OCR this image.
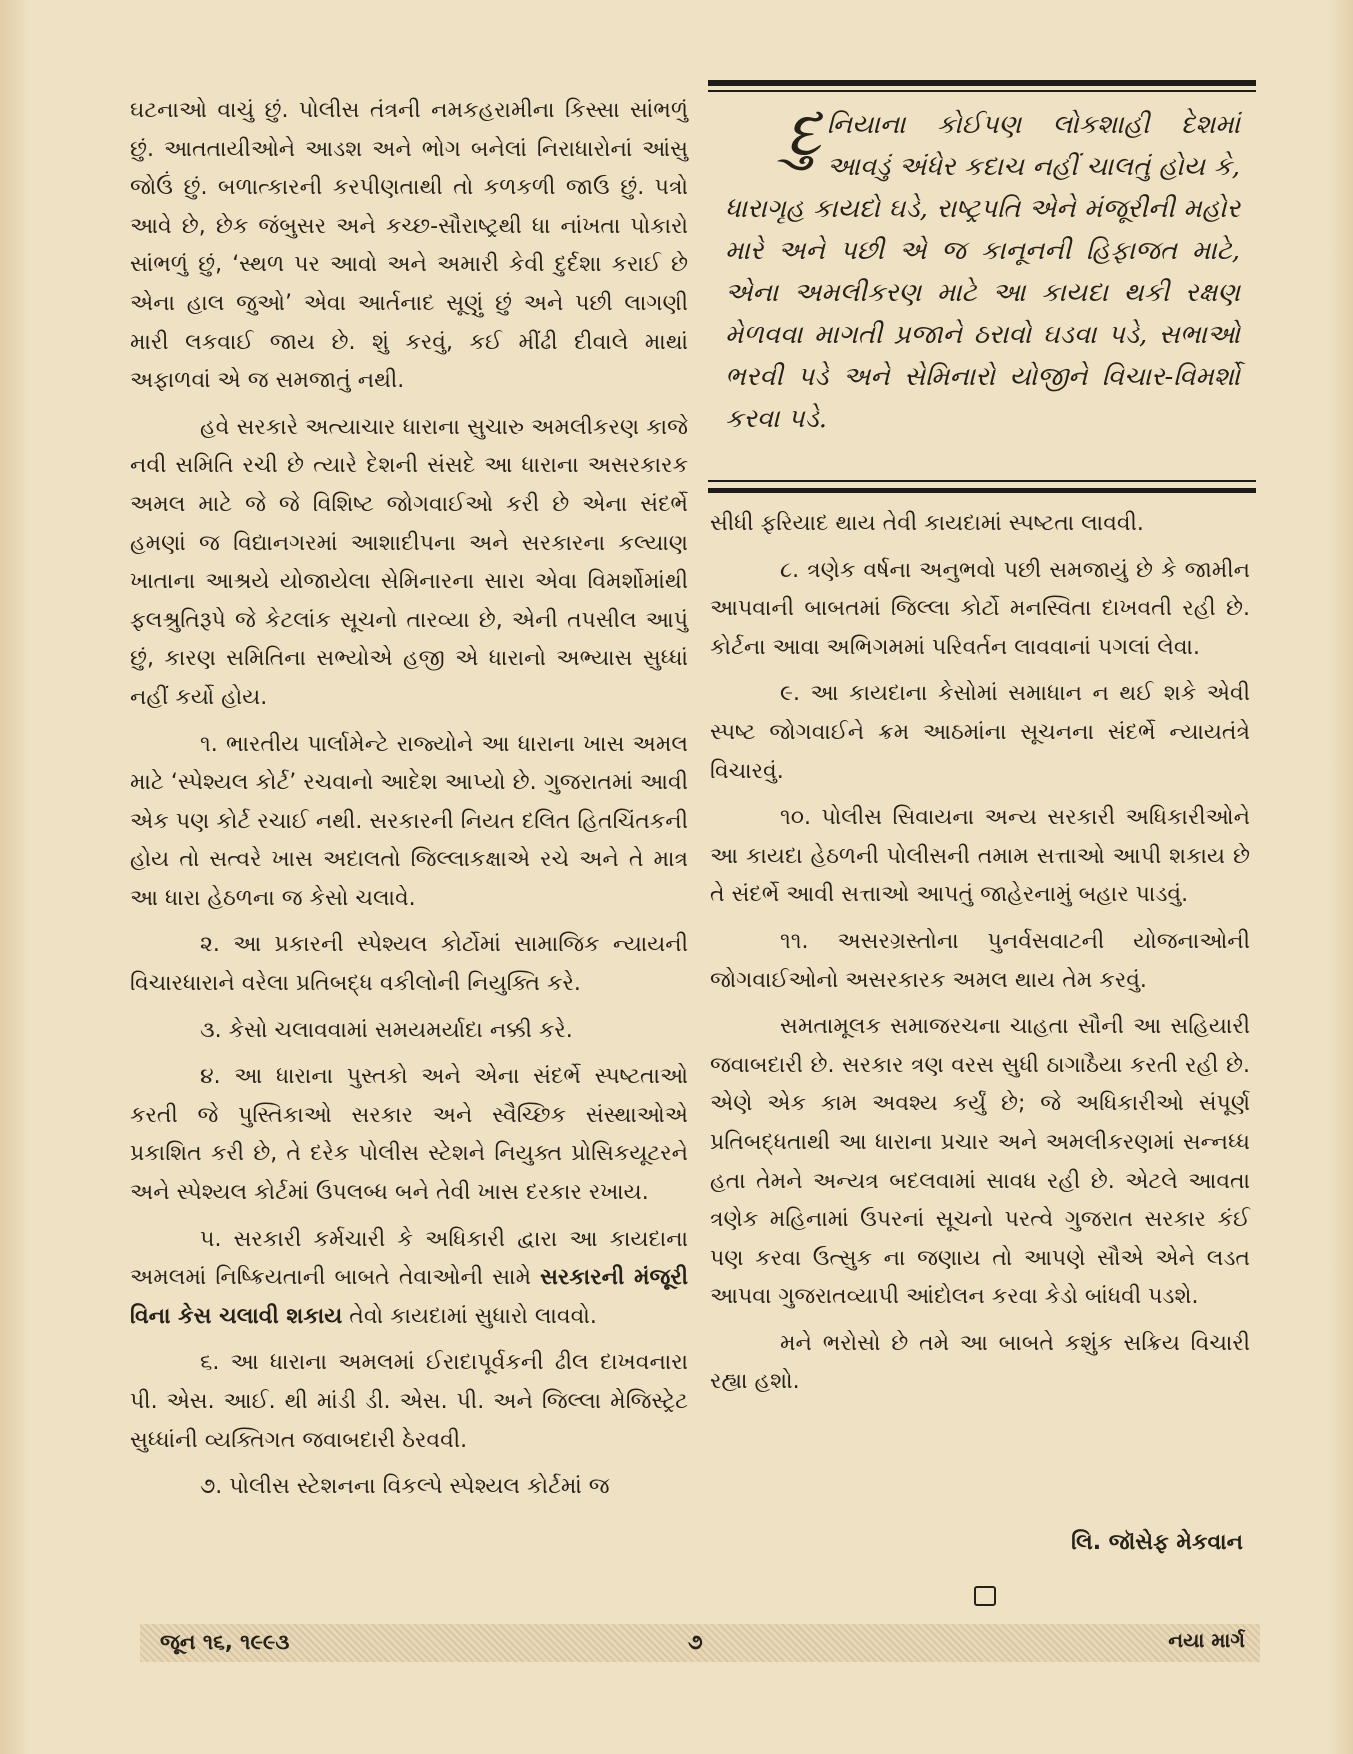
ઘટનાઓ વાચું છું. પોલીસ તંત્રની નમકહરામીના કિસ્સા સાંભળું છું. આતતાયીઓને આડશ અને ભોગ બનેલાં નિરાધારોનાં આંસુ જોઉં છું. બળાત્કારની કરપીણતાથી તો કળકળી જાઉ છું. પત્રો આવે છે, છેક જંબુસર અને કચ્છ-સૌરાષ્ટ્રથી ધા નાંખતા પોકારો સાંભળું છું, ‘સ્થળ પર આવો અને અમારી કેવી દુર્દશા કરાઈ છે એના હાલ જુઓ’ એવા આર્તનાદ સૂણું છું અને પછી લાગણી મારી લકવાઈ જાય છે. શું કરવું, કઈ મીંઢી દીવાલે માથાં અફાળવાં એ જ સમજાતું નથી.

હવે સરકારે અત્યાચાર ધારાના સુચારુ અમલીકરણ કાજે નવી સમિતિ રચી છે ત્યારે દેશની સંસદે આ ધારાના અસરકારક અમલ માટે જે જે વિશિષ્ટ જોગવાઈઓ કરી છે એના સંદર્ભે હમણાં જ વિદ્યાનગરમાં આશાદીપના અને સરકારના કલ્યાણ ખાતાના આશ્રયે યોજાયેલા સેમિનારના સારા એવા વિમર્શોમાંથી ફલશ્રુતિરૂપે જે કેટલાંક સૂચનો તારવ્યા છે, એની તપસીલ આપું છું, કારણ સમિતિના સભ્યોએ હજી એ ધારાનો અભ્યાસ સુધ્ધાં નહીં કર્યો હોય.

૧. ભારતીય પાર્લામેન્ટે રાજ્યોને આ ધારાના ખાસ અમલ માટે ‘સ્પેશ્યલ કોર્ટ’ રચવાનો આદેશ આપ્યો છે. ગુજરાતમાં આવી એક પણ કોર્ટ રચાઈ નથી. સરકારની નિયત દલિત હિતચિંતકની હોય તો સત્વરે ખાસ અદાલતો જિલ્લાકક્ષાએ રચે અને તે માત્ર આ ધારા હેઠળના જ કેસો ચલાવે.

૨. આ પ્રકારની સ્પેશ્યલ કોર્ટોમાં સામાજિક ન્યાયની વિચારધારાને વરેલા પ્રતિબદ્ધ વકીલોની નિયુક્તિ કરે.

૩. કેસો ચલાવવામાં સમયમર્યાદા નક્કી કરે.

૪. આ ધારાના પુસ્તકો અને એના સંદર્ભે સ્પષ્ટતાઓ કરતી જે પુસ્તિકાઓ સરકાર અને સ્વૈચ્છિક સંસ્થાઓએ પ્રકાશિત કરી છે, તે દરેક પોલીસ સ્ટેશને નિયુક્ત પ્રોસિકયૂટરને અને સ્પેશ્યલ કોર્ટમાં ઉપલબ્ધ બને તેવી ખાસ દરકાર રખાય.

૫. સરકારી કર્મચારી કે અધિકારી દ્વારા આ કાયદાના અમલમાં નિષ્ક્રિયતાની બાબતે તેવાઓની સામે સરકારની મંજૂરી વિના કેસ ચલાવી શકાય તેવો કાયદામાં સુધારો લાવવો.

૬. આ ધારાના અમલમાં ઈરાદાપૂર્વકની ઢીલ દાખવનારા પી. એસ. આઈ. થી માંડી ડી. એસ. પી. અને જિલ્લા મેજિસ્ટ્રેટ સુધ્ધાંની વ્યક્તિગત જવાબદારી ઠેરવવી.

૭. પોલીસ સ્ટેશનના વિકલ્પે સ્પેશ્યલ કોર્ટમાં જ

દુનિયાના કોઈપણ લોકશાહી દેશમાં આવડું અંધેર કદાચ નહીં ચાલતું હોય કે, ધારાગૃહ કાયદો ઘડે, રાષ્ટ્રપતિ એને મંજૂરીની મહોર મારે અને પછી એ જ કાનૂનની હિફાજત માટે, એના અમલીકરણ માટે આ કાયદા થકી રક્ષણ મેળવવા માગતી પ્રજાને ઠરાવો ઘડવા પડે, સભાઓ ભરવી પડે અને સેમિનારો યોજીને વિચાર-વિમર્શો કરવા પડે.

સીધી ફરિયાદ થાય તેવી કાયદામાં સ્પષ્ટતા લાવવી.

૮. ત્રણેક વર્ષના અનુભવો પછી સમજાયું છે કે જામીન આપવાની બાબતમાં જિલ્લા કોર્ટો મનસ્વિતા દાખવતી રહી છે. કોર્ટના આવા અભિગમમાં પરિવર્તન લાવવાનાં પગલાં લેવા.

૯. આ કાયદાના કેસોમાં સમાધાન ન થઈ શકે એવી સ્પષ્ટ જોગવાઈને ક્રમ આઠમાંના સૂચનના સંદર્ભે ન્યાયતંત્રે વિચારવું.

૧૦. પોલીસ સિવાયના અન્ય સરકારી અધિકારીઓને આ કાયદા હેઠળની પોલીસની તમામ સત્તાઓ આપી શકાય છે તે સંદર્ભે આવી સત્તાઓ આપતું જાહેરનામું બહાર પાડવું.

૧૧. અસરગ્રસ્તોના પુનર્વસવાટની યોજનાઓની જોગવાઈઓનો અસરકારક અમલ થાય તેમ કરવું.

સમતામૂલક સમાજરચના ચાહતા સૌની આ સહિયારી જવાબદારી છે. સરકાર ત્રણ વરસ સુધી ઠાગાઠૈયા કરતી રહી છે. એણે એક કામ અવશ્ય કર્યું છે; જે અધિકારીઓ સંપૂર્ણ પ્રતિબદ્ધતાથી આ ધારાના પ્રચાર અને અમલીકરણમાં સન્નધ્ધ હતા તેમને અન્યત્ર બદલવામાં સાવધ રહી છે. એટલે આવતા ત્રણેક મહિનામાં ઉપરનાં સૂચનો પરત્વે ગુજરાત સરકાર કંઈ પણ કરવા ઉત્સુક ના જણાય તો આપણે સૌએ એને લડત આપવા ગુજરાતવ્યાપી આંદોલન કરવા કેડો બાંધવી પડશે.

મને ભરોસો છે તમે આ બાબતે કશુંક સક્રિય વિચારી રહ્યા હશો.

લિ. જૉસેફ મેકવાન
જૂન ૧૬, ૧૯૯૩	૭	નયા માર્ગ
